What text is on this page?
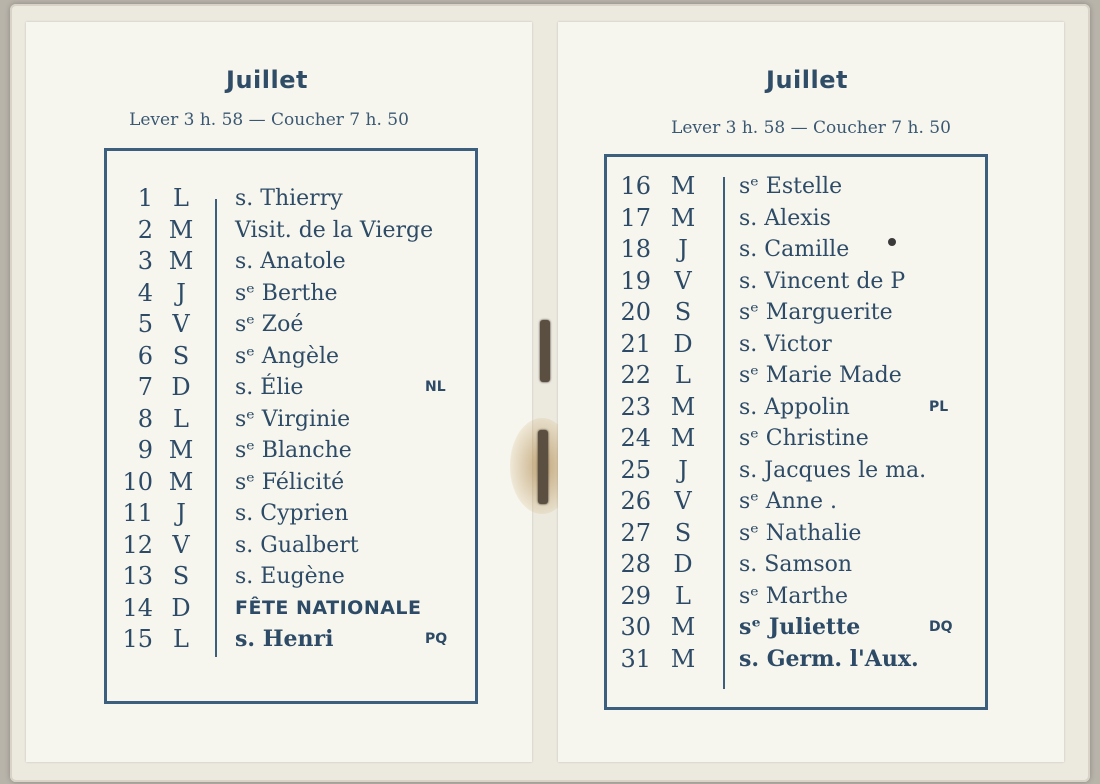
Juillet
Lever 3 h. 58 — Coucher 7 h. 50
1 L	s. Thierry
2 M Visit. de la Vierge
3 M s. Anatole
4 J	sᵉ Berthe
5 V	sᵉ Zoé
6 S	sᵉ Angèle
7 D	s. Élie	NL
8 L	sᵉ Virginie
9 M sᵉ Blanche
10 M sᵉ Félicité
11 J	s. Cyprien
12 V	s. Gualbert
13 S	s. Eugène
14 D	FÊTE NATIONALE
15 L	s. Henri	PQ
Juillet
Lever 3 h. 58 — Coucher 7 h. 50
16 M sᵉ Estelle
17 M s. Alexis
18	J	s. Camille
19 V	s. Vincent de P
20 S	sᵉ Marguerite
21 D	s. Victor
22	L	sᵉ Marie Made
23 M s. Appolin	PL
24 M sᵉ Christine
25	J	s. Jacques le ma.
26 V	sᵉ Anne .
27 S	sᵉ Nathalie
28 D	s. Samson
29	L	sᵉ Marthe
30 M sᵉ Juliette	DQ
31 M s. Germ. l'Aux.
